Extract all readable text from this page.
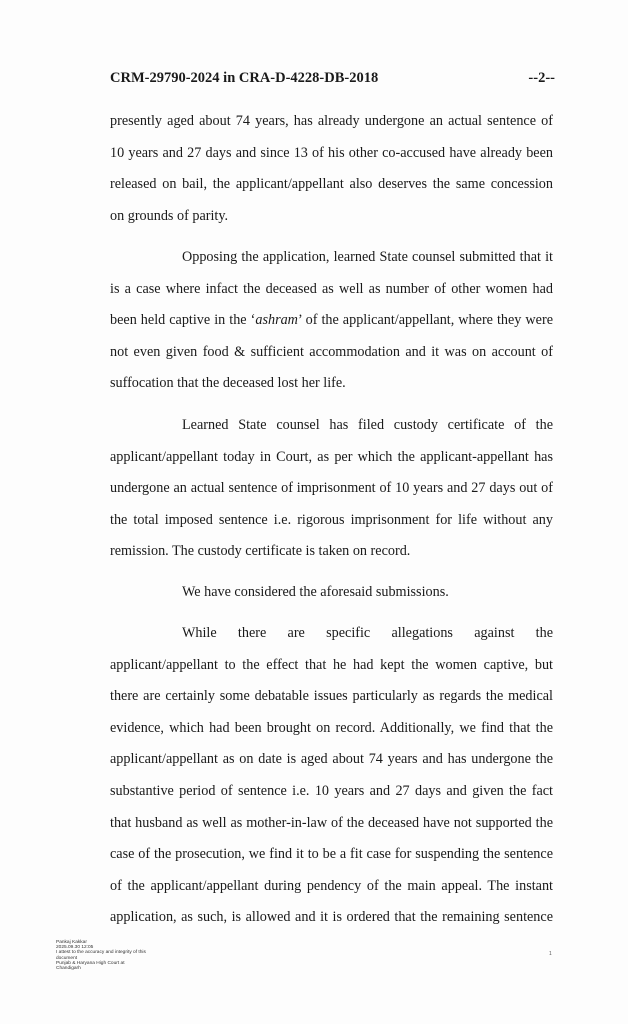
CRM-29790-2024 in CRA-D-4228-DB-2018	--2--
presently aged about 74 years, has already undergone an actual sentence of
10 years and 27 days and since 13 of his other co-accused have already been
released on bail, the applicant/appellant also deserves the same concession
on grounds of parity.
Opposing the application, learned State counsel submitted that it
is a case where infact the deceased as well as number of other women had
been held captive in the ‘ashram’ of the applicant/appellant, where they were
not even given food & sufficient accommodation and it was on account of
suffocation that the deceased lost her life.
Learned State counsel has filed custody certificate of the
applicant/appellant today in Court, as per which the applicant-appellant has
undergone an actual sentence of imprisonment of 10 years and 27 days out of
the total imposed sentence i.e. rigorous imprisonment for life without any
remission. The custody certificate is taken on record.
We have considered the aforesaid submissions.
While there are specific allegations against the
applicant/appellant to the effect that he had kept the women captive, but
there are certainly some debatable issues particularly as regards the medical
evidence, which had been brought on record. Additionally, we find that the
applicant/appellant as on date is aged about 74 years and has undergone the
substantive period of sentence i.e. 10 years and 27 days and given the fact
that husband as well as mother-in-law of the deceased have not supported the
case of the prosecution, we find it to be a fit case for suspending the sentence
of the applicant/appellant during pendency of the main appeal. The instant
application, as such, is allowed and it is ordered that the remaining sentence
Pankaj Kakkar
2025.09.30 12:05
I attest to the accuracy and integrity of this
document
Punjab & Haryana High Court at
Chandigarh
1
